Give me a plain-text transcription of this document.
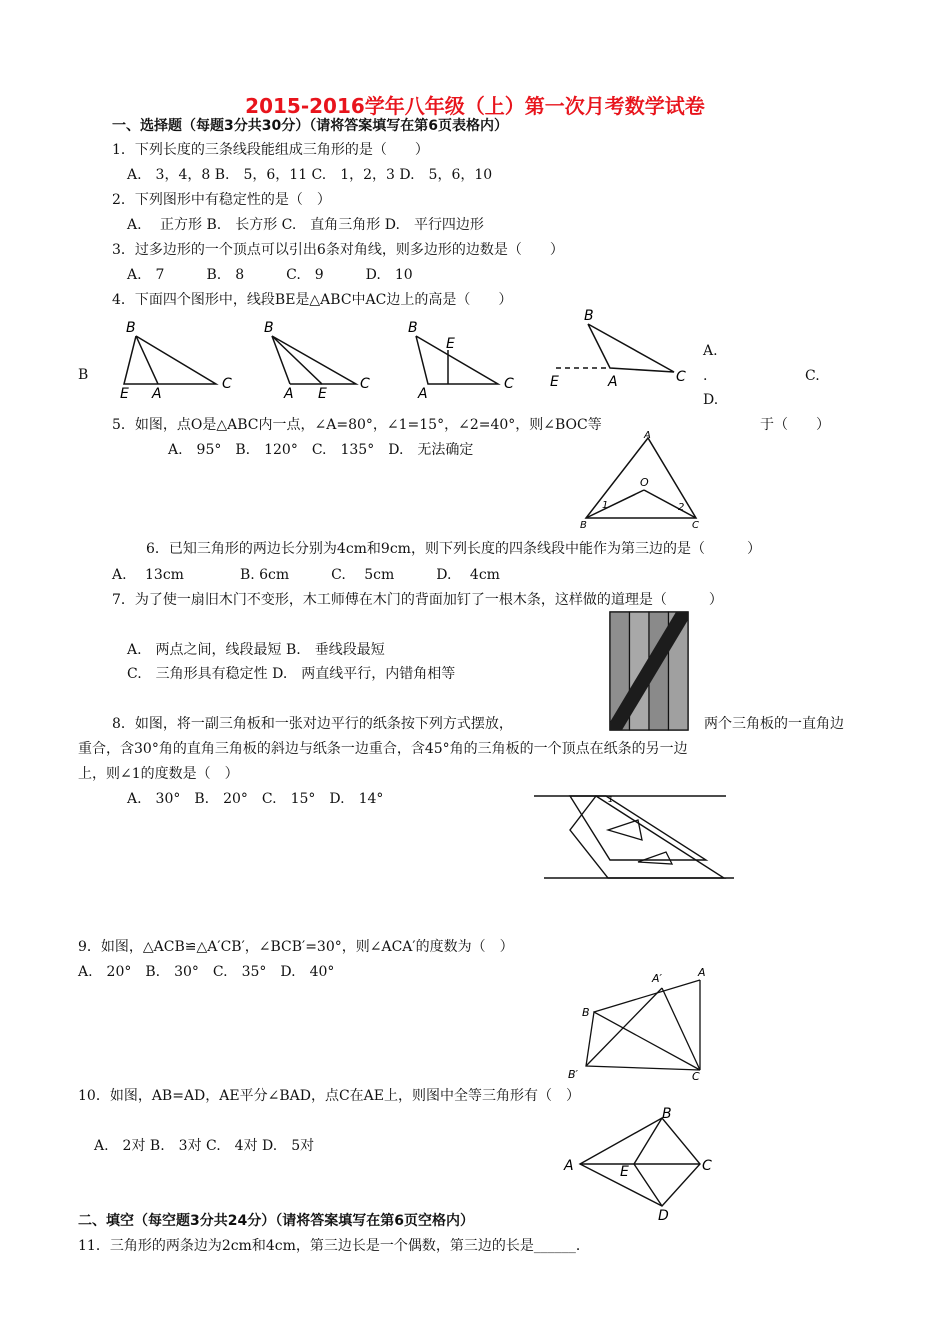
2015-2016学年八年级（上）第一次月考数学试卷
一、选择题（每题3分共30分）（请将答案填写在第6页表格内）
1．下列长度的三条线段能组成三角形的是（　　）
A.　3，4，8 B.　5，6，11 C.　1，2，3 D.　5，6，10
2．下列图形中有稳定性的是（　）
A.　 正方形 B.　长方形 C.　直角三角形 D.　平行四边形
3．过多边形的一个顶点可以引出6条对角线，则多边形的边数是（　　）
A.　7　　　B.　8　　　C.　9　　　D.　10
4．下面四个图形中，线段BE是△ABC中AC边上的高是（　　）
B
E A
C
B
A E
C
B
E
A
C
B
E	A	C
B
A.
.	C.
D.
5．如图，点O是△ABC内一点，∠A=80°，∠1=15°，∠2=40°，则∠BOC等	于（　　）
A.　95°　B.　120°　C.　135°　D.　无法确定
A
O
1	2
B	C
6．已知三角形的两边长分别为4cm和9cm，则下列长度的四条线段中能作为第三边的是（　　　）
A.　 13cm　　　　B. 6cm　　　C.　 5cm　　　D.　 4cm
7．为了使一扇旧木门不变形，木工师傅在木门的背面加钉了一根木条，这样做的道理是（　　　）
A.　两点之间，线段最短 B.　垂线段最短
C.　三角形具有稳定性 D.　两直线平行，内错角相等
8．如图，将一副三角板和一张对边平行的纸条按下列方式摆放，	两个三角板的一直角边
重合，含30°角的直角三角板的斜边与纸条一边重合，含45°角的三角板的一个顶点在纸条的另一边
上，则∠1的度数是（　）
A.　30°　B.　20°　C.　15°　D.　14°	1
9．如图，△ACB≌△A′CB′，∠BCB′=30°，则∠ACA′的度数为（　）
A.　20°　B.　30°　C.　35°　D.　40°	A′	A
B
B′	C
10．如图，AB=AD，AE平分∠BAD，点C在AE上，则图中全等三角形有（　）
A.　2对 B.　3对 C.　4对 D.　5对
B
A	E	C
D
二、填空（每空题3分共24分）（请将答案填写在第6页空格内）
11．三角形的两条边为2cm和4cm，第三边长是一个偶数，第三边的长是______．
